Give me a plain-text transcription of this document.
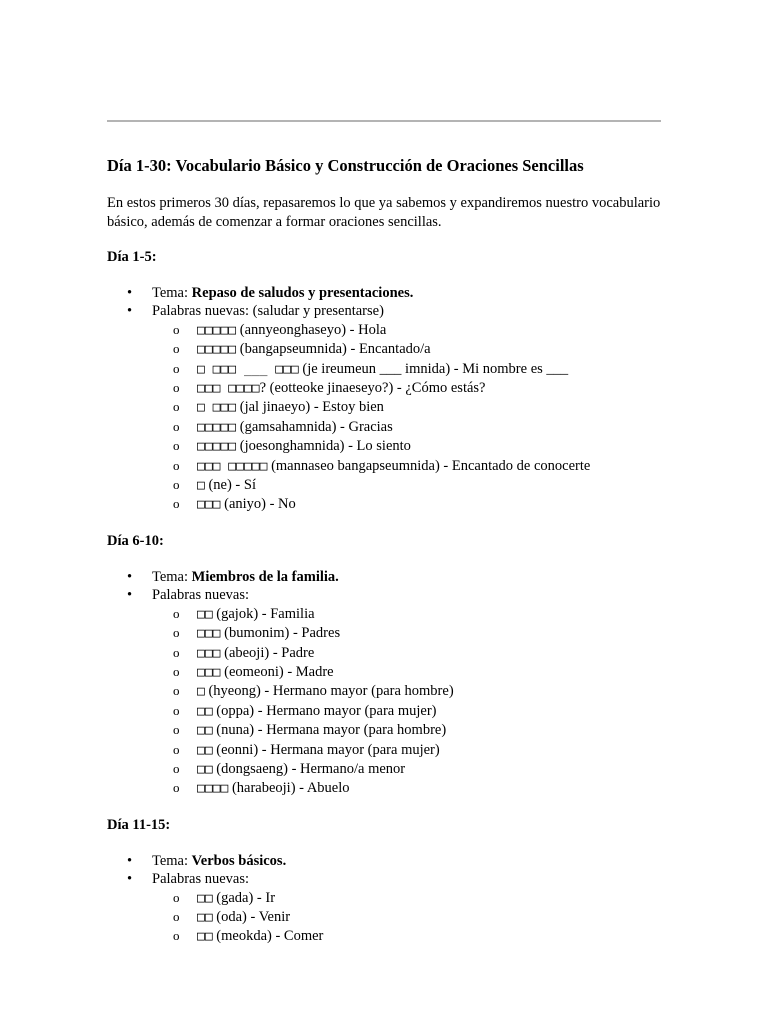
Día 1-30: Vocabulario Básico y Construcción de Oraciones Sencillas

En estos primeros 30 días, repasaremos lo que ya sabemos y expandiremos nuestro vocabulario básico, además de comenzar a formar oraciones sencillas.

Día 1-5:
• Tema: Repaso de saludos y presentaciones.
• Palabras nuevas: (saludar y presentarse)
o □□□□□ (annyeonghaseyo) - Hola
o □□□□□ (bangapseumnida) - Encantado/a
o □ □□□ ___ □□□ (je ireumeun ___ imnida) - Mi nombre es ___
o □□□ □□□□? (eotteoke jinaeseyo?) - ¿Cómo estás?
o □ □□□ (jal jinaeyo) - Estoy bien
o □□□□□ (gamsahamnida) - Gracias
o □□□□□ (joesonghamnida) - Lo siento
o □□□ □□□□□ (mannaseo bangapseumnida) - Encantado de conocerte
o □ (ne) - Sí
o □□□ (aniyo) - No
Día 6-10:
• Tema: Miembros de la familia.
• Palabras nuevas:
o □□ (gajok) - Familia
o □□□ (bumonim) - Padres
o □□□ (abeoji) - Padre
o □□□ (eomeoni) - Madre
o □ (hyeong) - Hermano mayor (para hombre)
o □□ (oppa) - Hermano mayor (para mujer)
o □□ (nuna) - Hermana mayor (para hombre)
o □□ (eonni) - Hermana mayor (para mujer)
o □□ (dongsaeng) - Hermano/a menor
o □□□□ (harabeoji) - Abuelo
Día 11-15:
• Tema: Verbos básicos.
• Palabras nuevas:
o □□ (gada) - Ir
o □□ (oda) - Venir
o □□ (meokda) - Comer
